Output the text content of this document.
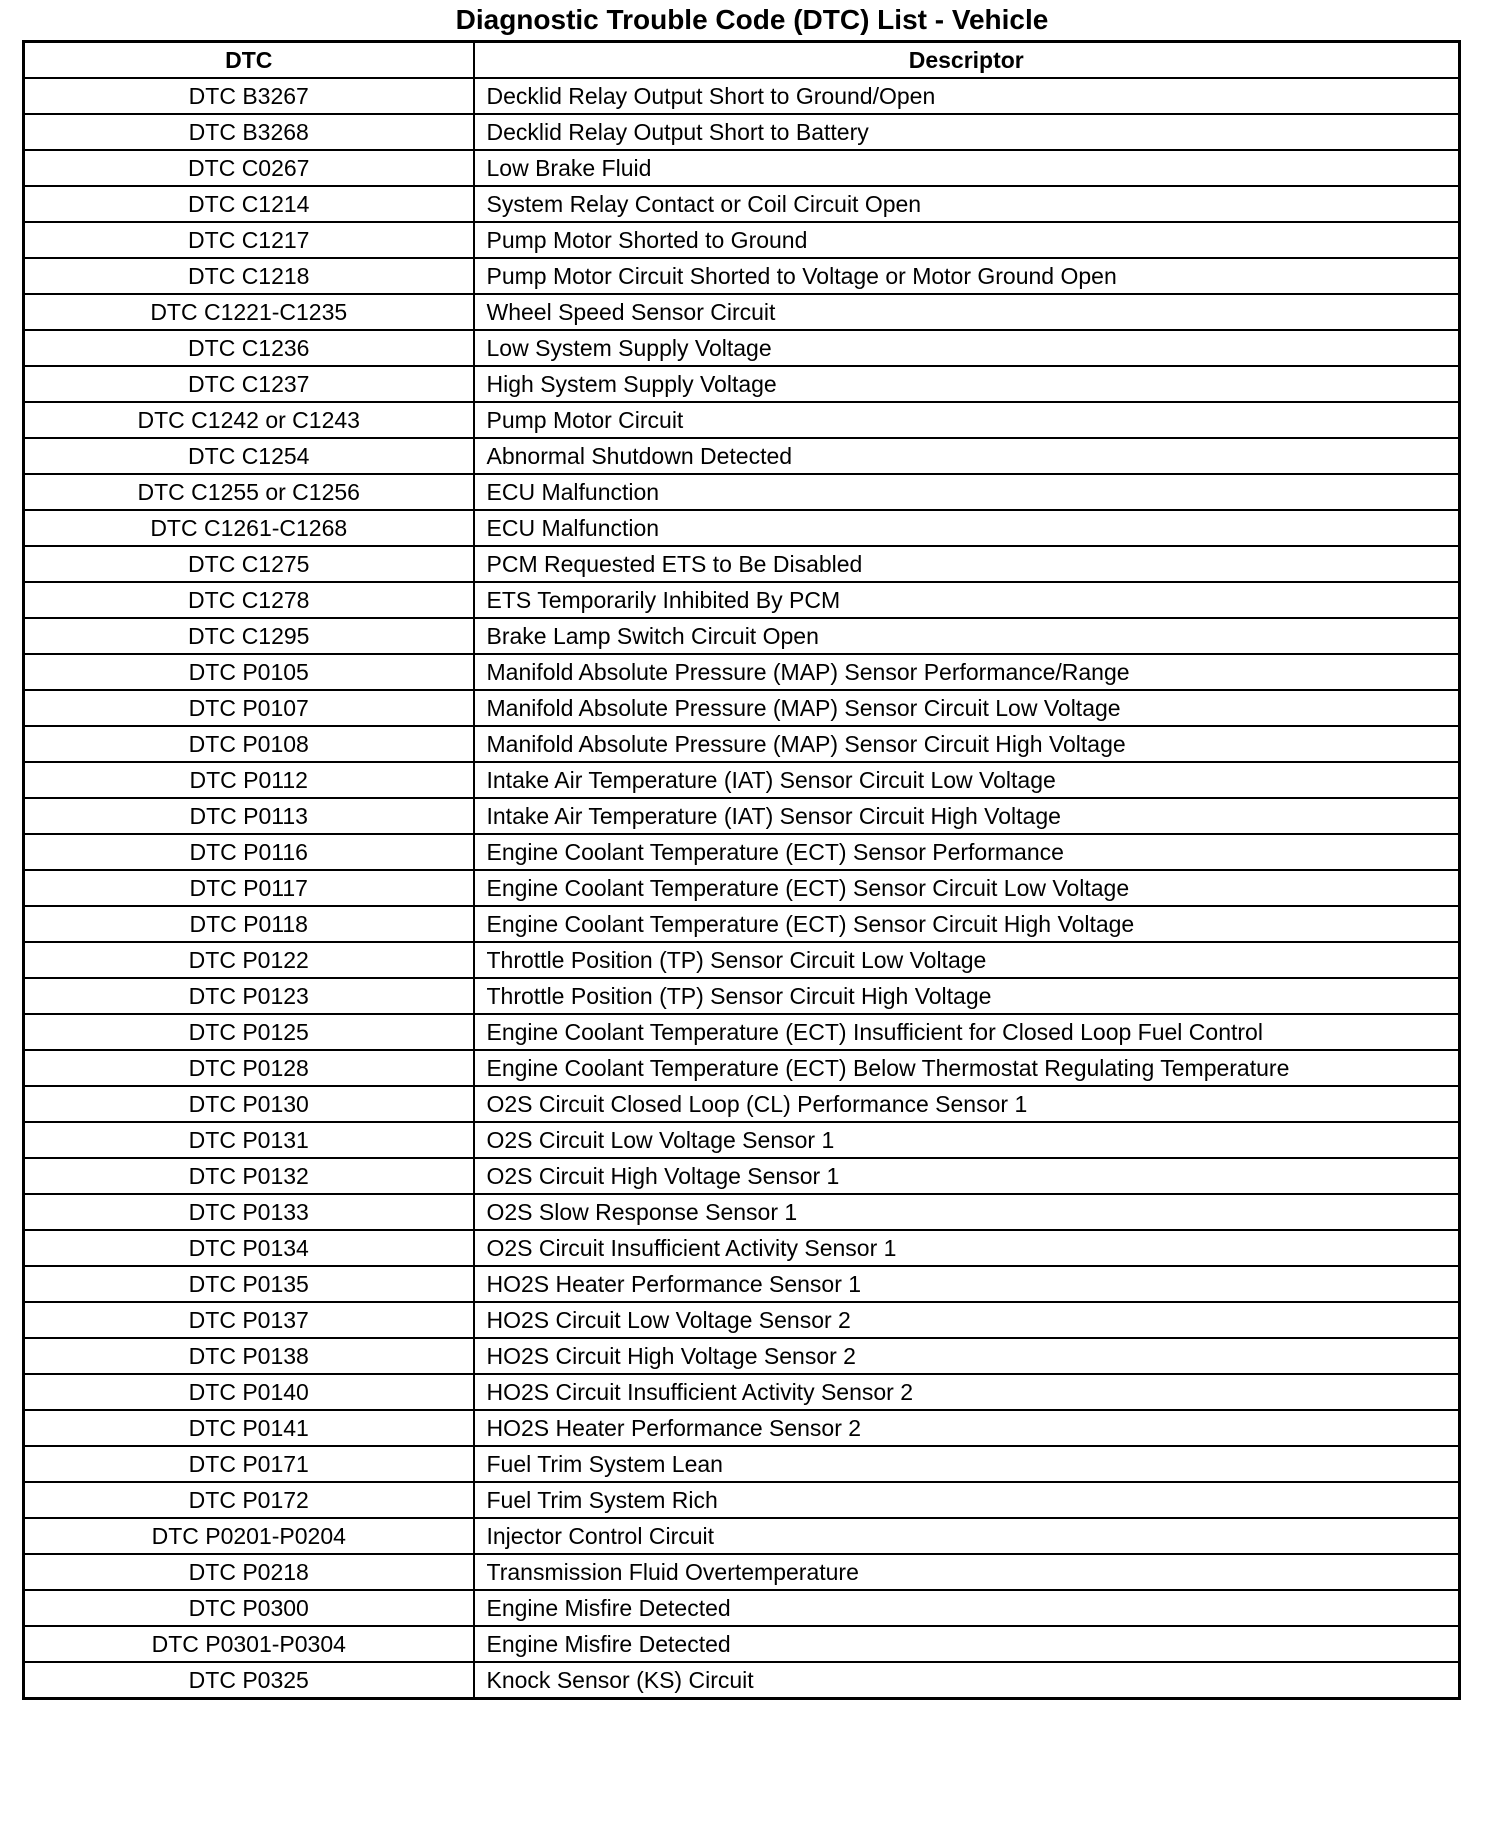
Diagnostic Trouble Code (DTC) List - Vehicle
DTC	Descriptor
DTC B3267	Decklid Relay Output Short to Ground/Open
DTC B3268	Decklid Relay Output Short to Battery
DTC C0267	Low Brake Fluid
DTC C1214	System Relay Contact or Coil Circuit Open
DTC C1217	Pump Motor Shorted to Ground
DTC C1218	Pump Motor Circuit Shorted to Voltage or Motor Ground Open
DTC C1221-C1235	Wheel Speed Sensor Circuit
DTC C1236	Low System Supply Voltage
DTC C1237	High System Supply Voltage
DTC C1242 or C1243	Pump Motor Circuit
DTC C1254	Abnormal Shutdown Detected
DTC C1255 or C1256	ECU Malfunction
DTC C1261-C1268	ECU Malfunction
DTC C1275	PCM Requested ETS to Be Disabled
DTC C1278	ETS Temporarily Inhibited By PCM
DTC C1295	Brake Lamp Switch Circuit Open
DTC P0105	Manifold Absolute Pressure (MAP) Sensor Performance/Range
DTC P0107	Manifold Absolute Pressure (MAP) Sensor Circuit Low Voltage
DTC P0108	Manifold Absolute Pressure (MAP) Sensor Circuit High Voltage
DTC P0112	Intake Air Temperature (IAT) Sensor Circuit Low Voltage
DTC P0113	Intake Air Temperature (IAT) Sensor Circuit High Voltage
DTC P0116	Engine Coolant Temperature (ECT) Sensor Performance
DTC P0117	Engine Coolant Temperature (ECT) Sensor Circuit Low Voltage
DTC P0118	Engine Coolant Temperature (ECT) Sensor Circuit High Voltage
DTC P0122	Throttle Position (TP) Sensor Circuit Low Voltage
DTC P0123	Throttle Position (TP) Sensor Circuit High Voltage
DTC P0125	Engine Coolant Temperature (ECT) Insufficient for Closed Loop Fuel Control
DTC P0128	Engine Coolant Temperature (ECT) Below Thermostat Regulating Temperature
DTC P0130	O2S Circuit Closed Loop (CL) Performance Sensor 1
DTC P0131	O2S Circuit Low Voltage Sensor 1
DTC P0132	O2S Circuit High Voltage Sensor 1
DTC P0133	O2S Slow Response Sensor 1
DTC P0134	O2S Circuit Insufficient Activity Sensor 1
DTC P0135	HO2S Heater Performance Sensor 1
DTC P0137	HO2S Circuit Low Voltage Sensor 2
DTC P0138	HO2S Circuit High Voltage Sensor 2
DTC P0140	HO2S Circuit Insufficient Activity Sensor 2
DTC P0141	HO2S Heater Performance Sensor 2
DTC P0171	Fuel Trim System Lean
DTC P0172	Fuel Trim System Rich
DTC P0201-P0204	Injector Control Circuit
DTC P0218	Transmission Fluid Overtemperature
DTC P0300	Engine Misfire Detected
DTC P0301-P0304	Engine Misfire Detected
DTC P0325	Knock Sensor (KS) Circuit
